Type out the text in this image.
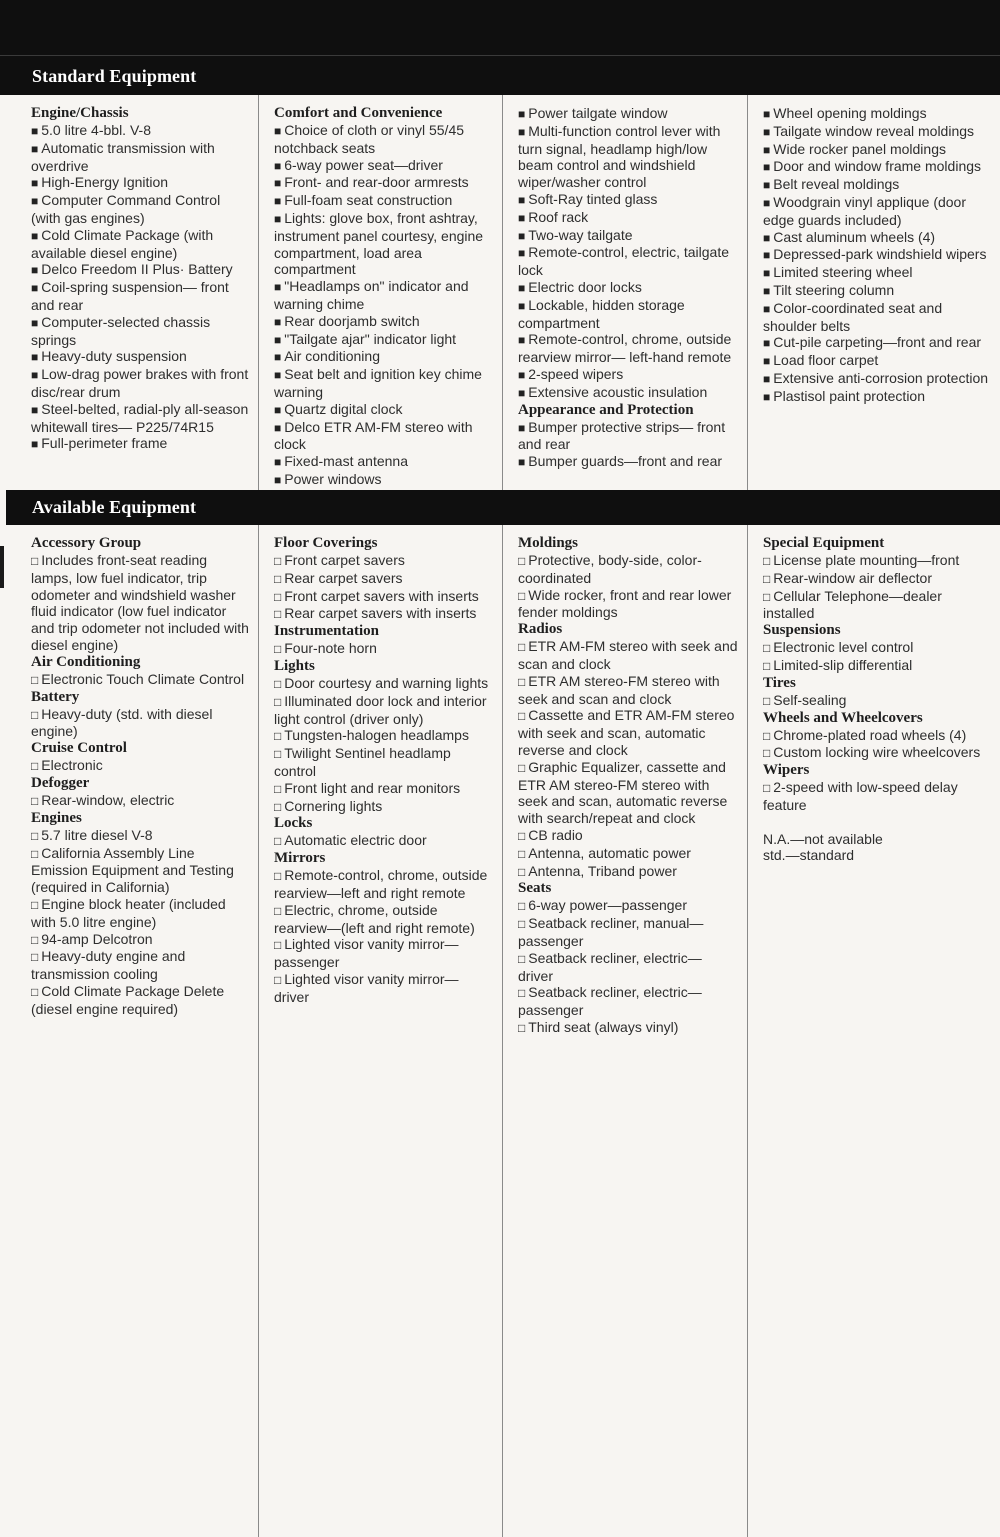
Standard Equipment
Engine/Chassis
■ 5.0 litre 4-bbl. V-8
■ Automatic transmission with overdrive
■ High-Energy Ignition
■ Computer Command Control (with gas engines)
■ Cold Climate Package (with available diesel engine)
■ Delco Freedom II Plus· Battery
■ Coil-spring suspension— front and rear
■ Computer-selected chassis springs
■ Heavy-duty suspension
■ Low-drag power brakes with front disc/rear drum
■ Steel-belted, radial-ply all-season whitewall tires— P225/74R15
■ Full-perimeter frame
Comfort and Convenience
■ Choice of cloth or vinyl 55/45 notchback seats
■ 6-way power seat—driver
■ Front- and rear-door armrests
■ Full-foam seat construction
■ Lights: glove box, front ashtray, instrument panel courtesy, engine compartment, load area compartment
■ "Headlamps on" indicator and warning chime
■ Rear doorjamb switch
■ "Tailgate ajar" indicator light
■ Air conditioning
■ Seat belt and ignition key chime warning
■ Quartz digital clock
■ Delco ETR AM-FM stereo with clock
■ Fixed-mast antenna
■ Power windows
■ Power tailgate window
■ Multi-function control lever with turn signal, headlamp high/low beam control and windshield wiper/washer control
■ Soft-Ray tinted glass
■ Roof rack
■ Two-way tailgate
■ Remote-control, electric, tailgate lock
■ Electric door locks
■ Lockable, hidden storage compartment
■ Remote-control, chrome, outside rearview mirror— left-hand remote
■ 2-speed wipers
■ Extensive acoustic insulation
Appearance and Protection
■ Bumper protective strips— front and rear
■ Bumper guards—front and rear
■ Wheel opening moldings
■ Tailgate window reveal moldings
■ Wide rocker panel moldings
■ Door and window frame moldings
■ Belt reveal moldings
■ Woodgrain vinyl applique (door edge guards included)
■ Cast aluminum wheels (4)
■ Depressed-park windshield wipers
■ Limited steering wheel
■ Tilt steering column
■ Color-coordinated seat and shoulder belts
■ Cut-pile carpeting—front and rear
■ Load floor carpet
■ Extensive anti-corrosion protection
■ Plastisol paint protection
Available Equipment
Accessory Group
□ Includes front-seat reading lamps, low fuel indicator, trip odometer and windshield washer fluid indicator (low fuel indicator and trip odometer not included with diesel engine)
Air Conditioning
□ Electronic Touch Climate Control
Battery
□ Heavy-duty (std. with diesel engine)
Cruise Control
□ Electronic
Defogger
□ Rear-window, electric
Engines
□ 5.7 litre diesel V-8
□ California Assembly Line Emission Equipment and Testing (required in California)
□ Engine block heater (included with 5.0 litre engine)
□ 94-amp Delcotron
□ Heavy-duty engine and transmission cooling
□ Cold Climate Package Delete (diesel engine required)
Floor Coverings
□ Front carpet savers
□ Rear carpet savers
□ Front carpet savers with inserts
□ Rear carpet savers with inserts
Instrumentation
□ Four-note horn
Lights
□ Door courtesy and warning lights
□ Illuminated door lock and interior light control (driver only)
□ Tungsten-halogen headlamps
□ Twilight Sentinel headlamp control
□ Front light and rear monitors
□ Cornering lights
Locks
□ Automatic electric door
Mirrors
□ Remote-control, chrome, outside rearview—left and right remote
□ Electric, chrome, outside rearview—(left and right remote)
□ Lighted visor vanity mirror— passenger
□ Lighted visor vanity mirror— driver
Moldings
□ Protective, body-side, color-coordinated
□ Wide rocker, front and rear lower fender moldings
Radios
□ ETR AM-FM stereo with seek and scan and clock
□ ETR AM stereo-FM stereo with seek and scan and clock
□ Cassette and ETR AM-FM stereo with seek and scan, automatic reverse and clock
□ Graphic Equalizer, cassette and ETR AM stereo-FM stereo with seek and scan, automatic reverse with search/repeat and clock
□ CB radio
□ Antenna, automatic power
□ Antenna, Triband power
Seats
□ 6-way power—passenger
□ Seatback recliner, manual— passenger
□ Seatback recliner, electric— driver
□ Seatback recliner, electric— passenger
□ Third seat (always vinyl)
Special Equipment
□ License plate mounting—front
□ Rear-window air deflector
□ Cellular Telephone—dealer installed
Suspensions
□ Electronic level control
□ Limited-slip differential
Tires
□ Self-sealing
Wheels and Wheelcovers
□ Chrome-plated road wheels (4)
□ Custom locking wire wheelcovers
Wipers
□ 2-speed with low-speed delay feature
N.A.—not available
std.—standard
